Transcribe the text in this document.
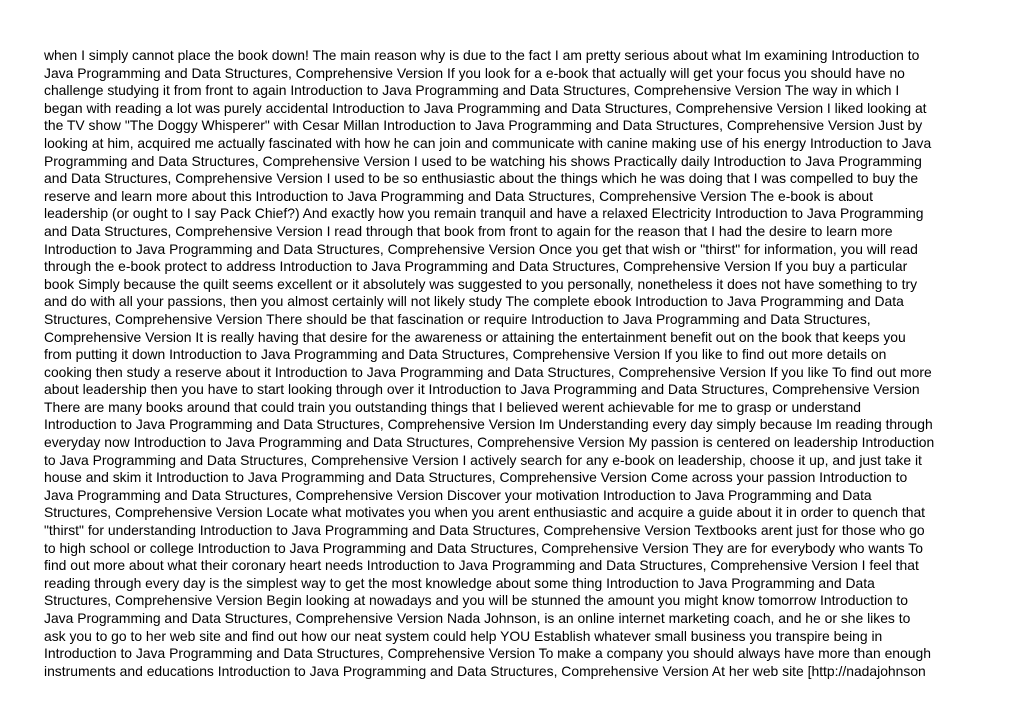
when I simply cannot place the book down! The main reason why is due to the fact I am pretty serious about what Im examining Introduction to
Java Programming and Data Structures, Comprehensive Version If you look for a e-book that actually will get your focus you should have no
challenge studying it from front to again Introduction to Java Programming and Data Structures, Comprehensive Version The way in which I
began with reading a lot was purely accidental Introduction to Java Programming and Data Structures, Comprehensive Version I liked looking at
the TV show "The Doggy Whisperer" with Cesar Millan Introduction to Java Programming and Data Structures, Comprehensive Version Just by
looking at him, acquired me actually fascinated with how he can join and communicate with canine making use of his energy Introduction to Java
Programming and Data Structures, Comprehensive Version I used to be watching his shows Practically daily Introduction to Java Programming
and Data Structures, Comprehensive Version I used to be so enthusiastic about the things which he was doing that I was compelled to buy the
reserve and learn more about this Introduction to Java Programming and Data Structures, Comprehensive Version The e-book is about
leadership (or ought to I say Pack Chief?) And exactly how you remain tranquil and have a relaxed Electricity Introduction to Java Programming
and Data Structures, Comprehensive Version I read through that book from front to again for the reason that I had the desire to learn more
Introduction to Java Programming and Data Structures, Comprehensive Version Once you get that wish or "thirst" for information, you will read
through the e-book protect to address Introduction to Java Programming and Data Structures, Comprehensive Version If you buy a particular
book Simply because the quilt seems excellent or it absolutely was suggested to you personally, nonetheless it does not have something to try
and do with all your passions, then you almost certainly will not likely study The complete ebook Introduction to Java Programming and Data
Structures, Comprehensive Version There should be that fascination or require Introduction to Java Programming and Data Structures,
Comprehensive Version It is really having that desire for the awareness or attaining the entertainment benefit out on the book that keeps you
from putting it down Introduction to Java Programming and Data Structures, Comprehensive Version If you like to find out more details on
cooking then study a reserve about it Introduction to Java Programming and Data Structures, Comprehensive Version If you like To find out more
about leadership then you have to start looking through over it Introduction to Java Programming and Data Structures, Comprehensive Version
There are many books around that could train you outstanding things that I believed werent achievable for me to grasp or understand
Introduction to Java Programming and Data Structures, Comprehensive Version Im Understanding every day simply because Im reading through
everyday now Introduction to Java Programming and Data Structures, Comprehensive Version My passion is centered on leadership Introduction
to Java Programming and Data Structures, Comprehensive Version I actively search for any e-book on leadership, choose it up, and just take it
house and skim it Introduction to Java Programming and Data Structures, Comprehensive Version Come across your passion Introduction to
Java Programming and Data Structures, Comprehensive Version Discover your motivation Introduction to Java Programming and Data
Structures, Comprehensive Version Locate what motivates you when you arent enthusiastic and acquire a guide about it in order to quench that
"thirst" for understanding Introduction to Java Programming and Data Structures, Comprehensive Version Textbooks arent just for those who go
to high school or college Introduction to Java Programming and Data Structures, Comprehensive Version They are for everybody who wants To
find out more about what their coronary heart needs Introduction to Java Programming and Data Structures, Comprehensive Version I feel that
reading through every day is the simplest way to get the most knowledge about some thing Introduction to Java Programming and Data
Structures, Comprehensive Version Begin looking at nowadays and you will be stunned the amount you might know tomorrow Introduction to
Java Programming and Data Structures, Comprehensive Version Nada Johnson, is an online internet marketing coach, and he or she likes to
ask you to go to her web site and find out how our neat system could help YOU Establish whatever small business you transpire being in
Introduction to Java Programming and Data Structures, Comprehensive Version To make a company you should always have more than enough
instruments and educations Introduction to Java Programming and Data Structures, Comprehensive Version At her web site [http://nadajohnson
